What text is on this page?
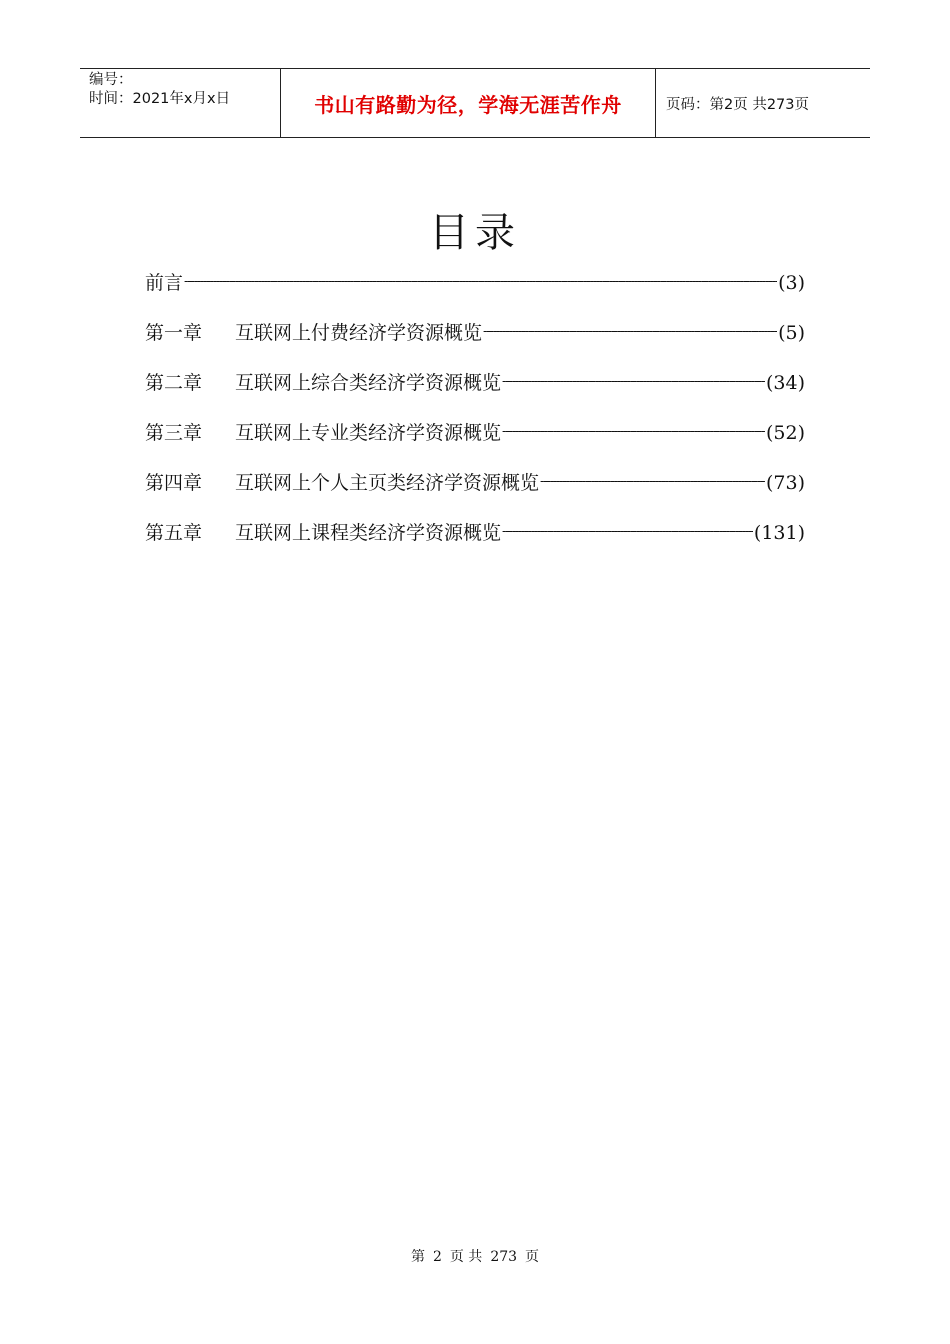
编号：
时间：2021年x月x日	书山有路勤为径，学海无涯苦作舟	页码：第2页 共273页
目录
前言 -----	(3)
第一章	互联网上付费经济学资源概览 -----	(5)
第二章	互联网上综合类经济学资源概览 -----	(34)
第三章	互联网上专业类经济学资源概览 -----	(52)
第四章	互联网上个人主页类经济学资源概览 -----	(73)
第五章	互联网上课程类经济学资源概览 -----	(131)
第 2 页 共 273 页
